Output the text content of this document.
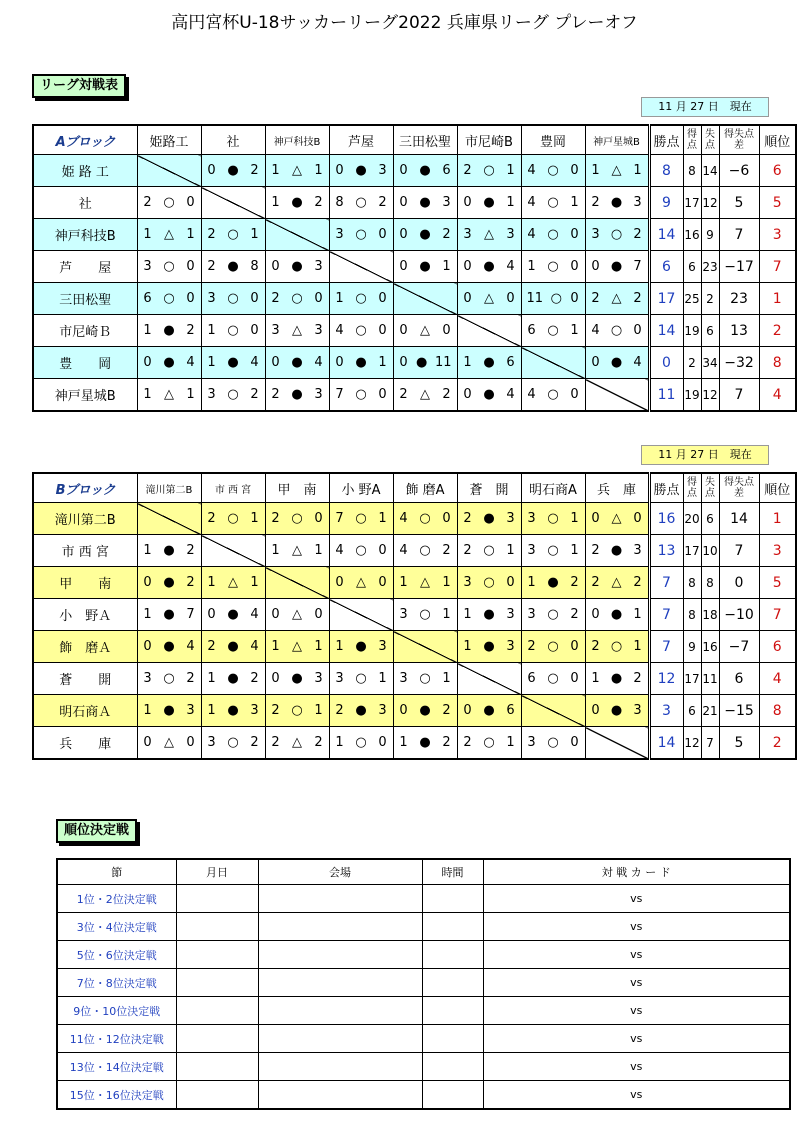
高円宮杯U-18サッカーリーグ2022 兵庫県リーグ プレーオフ
リーグ対戦表
11 月 27 日　現在
Aブロック	姫路工	社	神戸科技B	芦屋	三田松聖	市尼崎B	豊岡	神戸星城B	勝点	得点	失点	得失点差	順位
姫 路 工		0 ● 2	1 △ 1	0 ● 3	0 ● 6	2 ○ 1	4 ○ 0	1 △ 1	8	8	14	−6	6
社	2 ○ 0		1 ● 2	8 ○ 2	0 ● 3	0 ● 1	4 ○ 1	2 ● 3	9	17	12	5	5
神戸科技B	1 △ 1	2 ○ 1		3 ○ 0	0 ● 2	3 △ 3	4 ○ 0	3 ○ 2	14	16	9	7	3
芦　　屋	3 ○ 0	2 ● 8	0 ● 3		0 ● 1	0 ● 4	1 ○ 0	0 ● 7	6	6	23	−17	7
三田松聖	6 ○ 0	3 ○ 0	2 ○ 0	1 ○ 0		0 △ 0	11 ○ 0	2 △ 2	17	25	2	23	1
市尼崎Ｂ	1 ● 2	1 ○ 0	3 △ 3	4 ○ 0	0 △ 0		6 ○ 1	4 ○ 0	14	19	6	13	2
豊　　岡	0 ● 4	1 ● 4	0 ● 4	0 ● 1	0 ● 11	1 ● 6		0 ● 4	0	2	34	−32	8
神戸星城B	1 △ 1	3 ○ 2	2 ● 3	7 ○ 0	2 △ 2	0 ● 4	4 ○ 0		11	19	12	7	4
11 月 27 日　現在
Bブロック	滝川第二B	市 西 宮	甲　南	小 野A	飾 磨A	蒼　開	明石商A	兵　庫	勝点	得点	失点	得失点差	順位
滝川第二B		2 ○ 1	2 ○ 0	7 ○ 1	4 ○ 0	2 ● 3	3 ○ 1	0 △ 0	16	20	6	14	1
市 西 宮	1 ● 2		1 △ 1	4 ○ 0	4 ○ 2	2 ○ 1	3 ○ 1	2 ● 3	13	17	10	7	3
甲　　南	0 ● 2	1 △ 1		0 △ 0	1 △ 1	3 ○ 0	1 ● 2	2 △ 2	7	8	8	0	5
小　野Ａ	1 ● 7	0 ● 4	0 △ 0		3 ○ 1	1 ● 3	3 ○ 2	0 ● 1	7	8	18	−10	7
飾　磨Ａ	0 ● 4	2 ● 4	1 △ 1	1 ● 3		1 ● 3	2 ○ 0	2 ○ 1	7	9	16	−7	6
蒼　　開	3 ○ 2	1 ● 2	0 ● 3	3 ○ 1	3 ○ 1		6 ○ 0	1 ● 2	12	17	11	6	4
明石商Ａ	1 ● 3	1 ● 3	2 ○ 1	2 ● 3	0 ● 2	0 ● 6		0 ● 3	3	6	21	−15	8
兵　　庫	0 △ 0	3 ○ 2	2 △ 2	1 ○ 0	1 ● 2	2 ○ 1	3 ○ 0		14	12	7	5	2
順位決定戦
節	月日	会場	時間	対 戦 カ ー ド
1位・2位決定戦				vs
3位・4位決定戦				vs
5位・6位決定戦				vs
7位・8位決定戦				vs
9位・10位決定戦				vs
11位・12位決定戦				vs
13位・14位決定戦				vs
15位・16位決定戦				vs
